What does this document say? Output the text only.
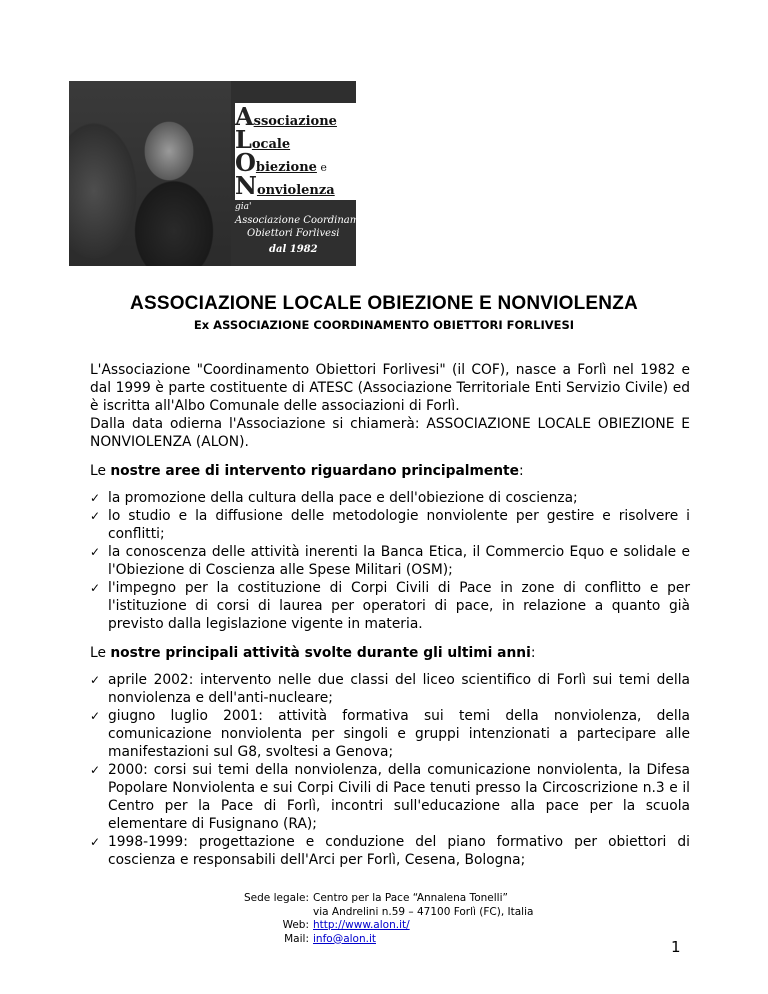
Associazione
Locale
Obiezione e
Nonviolenza
gia'
Associazione Coordinamento
Obiettori Forlivesi
dal 1982
ASSOCIAZIONE LOCALE OBIEZIONE E NONVIOLENZA
Ex ASSOCIAZIONE COORDINAMENTO OBIETTORI FORLIVESI

L'Associazione "Coordinamento Obiettori Forlivesi" (il COF), nasce a Forlì nel 1982 e dal 1999 è parte costituente di ATESC (Associazione Territoriale Enti Servizio Civile) ed è iscritta all'Albo Comunale delle associazioni di Forlì.

Dalla data odierna l'Associazione si chiamerà: ASSOCIAZIONE LOCALE OBIEZIONE E NONVIOLENZA (ALON).

Le nostre aree di intervento riguardano principalmente:

✓ la promozione della cultura della pace e dell'obiezione di coscienza;
✓ lo studio e la diffusione delle metodologie nonviolente per gestire e risolvere i conflitti;
✓ la conoscenza delle attività inerenti la Banca Etica, il Commercio Equo e solidale e l'Obiezione di Coscienza alle Spese Militari (OSM);
✓ l'impegno per la costituzione di Corpi Civili di Pace in zone di conflitto e per l'istituzione di corsi di laurea per operatori di pace, in relazione a quanto già previsto dalla legislazione vigente in materia.

Le nostre principali attività svolte durante gli ultimi anni:

✓ aprile 2002: intervento nelle due classi del liceo scientifico di Forlì sui temi della nonviolenza e dell'anti-nucleare;
✓ giugno luglio 2001: attività formativa sui temi della nonviolenza, della comunicazione nonviolenta per singoli e gruppi intenzionati a partecipare alle manifestazioni sul G8, svoltesi a Genova;
✓ 2000: corsi sui temi della nonviolenza, della comunicazione nonviolenta, la Difesa Popolare Nonviolenta e sui Corpi Civili di Pace tenuti presso la Circoscrizione n.3 e il Centro per la Pace di Forlì, incontri sull'educazione alla pace per la scuola elementare di Fusignano (RA);
✓ 1998-1999: progettazione e conduzione del piano formativo per obiettori di coscienza e responsabili dell'Arci per Forlì, Cesena, Bologna;
Sede legale: Centro per la Pace “Annalena Tonelli”
via Andrelini n.59 – 47100 Forlì (FC), Italia
Web: http://www.alon.it/
Mail: info@alon.it	1
